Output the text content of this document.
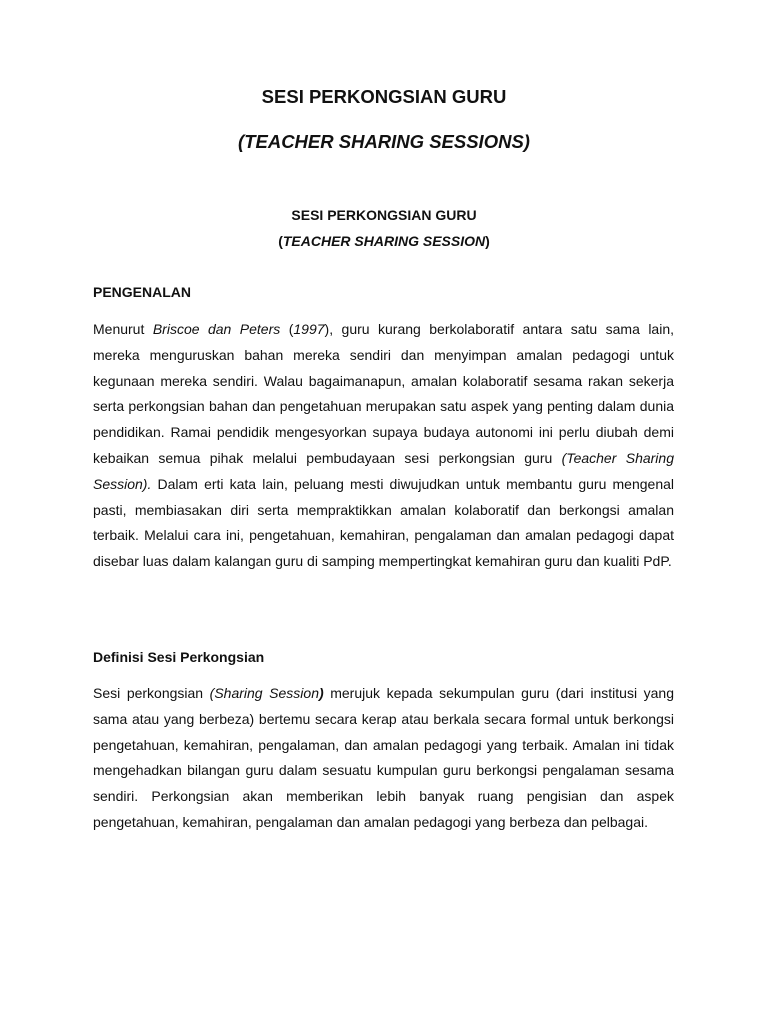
SESI PERKONGSIAN GURU
(TEACHER SHARING SESSIONS)
SESI PERKONGSIAN GURU
(TEACHER SHARING SESSION)
PENGENALAN

Menurut Briscoe dan Peters (1997), guru kurang berkolaboratif antara satu sama lain, mereka menguruskan bahan mereka sendiri dan menyimpan amalan pedagogi untuk kegunaan mereka sendiri. Walau bagaimanapun, amalan kolaboratif sesama rakan sekerja serta perkongsian bahan dan pengetahuan merupakan satu aspek yang penting dalam dunia pendidikan. Ramai pendidik mengesyorkan supaya budaya autonomi ini perlu diubah demi kebaikan semua pihak melalui pembudayaan sesi perkongsian guru (Teacher Sharing Session). Dalam erti kata lain, peluang mesti diwujudkan untuk membantu guru mengenal pasti, membiasakan diri serta mempraktikkan amalan kolaboratif dan berkongsi amalan terbaik. Melalui cara ini, pengetahuan, kemahiran, pengalaman dan amalan pedagogi dapat disebar luas dalam kalangan guru di samping mempertingkat kemahiran guru dan kualiti PdP.

Definisi Sesi Perkongsian

Sesi perkongsian (Sharing Session) merujuk kepada sekumpulan guru (dari institusi yang sama atau yang berbeza) bertemu secara kerap atau berkala secara formal untuk berkongsi pengetahuan, kemahiran, pengalaman, dan amalan pedagogi yang terbaik. Amalan ini tidak mengehadkan bilangan guru dalam sesuatu kumpulan guru berkongsi pengalaman sesama sendiri. Perkongsian akan memberikan lebih banyak ruang pengisian dan aspek pengetahuan, kemahiran, pengalaman dan amalan pedagogi yang berbeza dan pelbagai.
